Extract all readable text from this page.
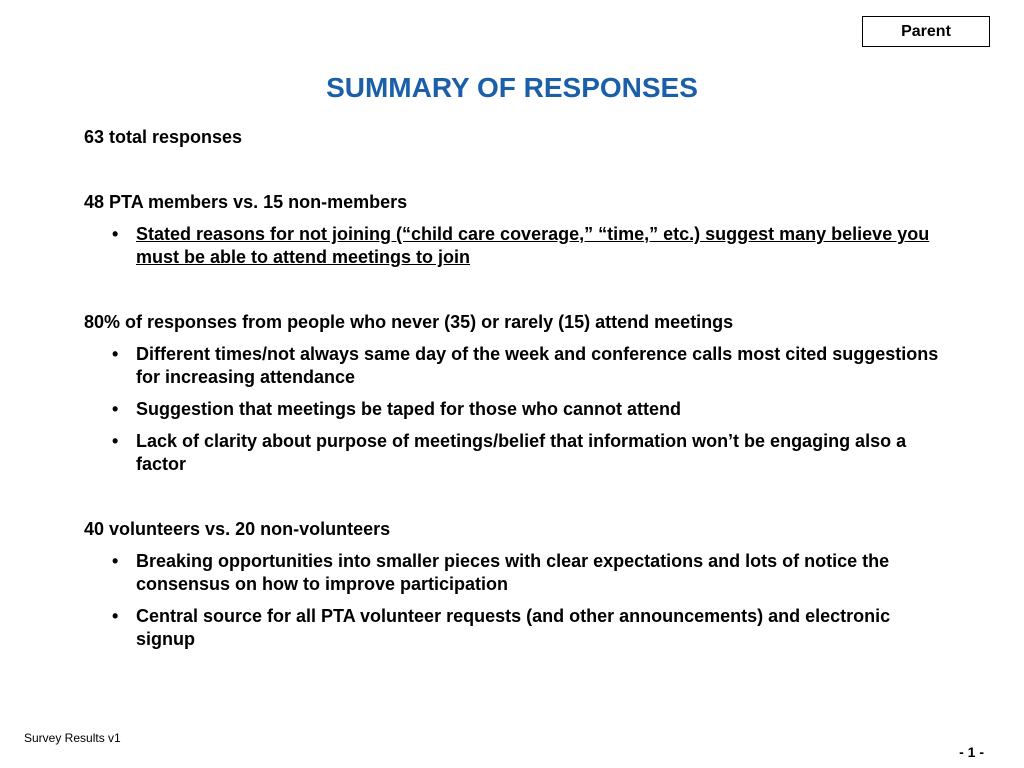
Parent
SUMMARY OF RESPONSES

63 total responses

48 PTA members vs. 15 non-members

• Stated reasons for not joining (“child care coverage,” “time,” etc.) suggest many believe you must be able to attend meetings to join

80% of responses from people who never (35) or rarely (15) attend meetings

• Different times/not always same day of the week and conference calls most cited suggestions for increasing attendance
• Suggestion that meetings be taped for those who cannot attend
• Lack of clarity about purpose of meetings/belief that information won’t be engaging also a factor

40 volunteers vs. 20 non-volunteers

• Breaking opportunities into smaller pieces with clear expectations and lots of notice the consensus on how to improve participation
• Central source for all PTA volunteer requests (and other announcements) and electronic signup
Survey Results v1
- 1 -
